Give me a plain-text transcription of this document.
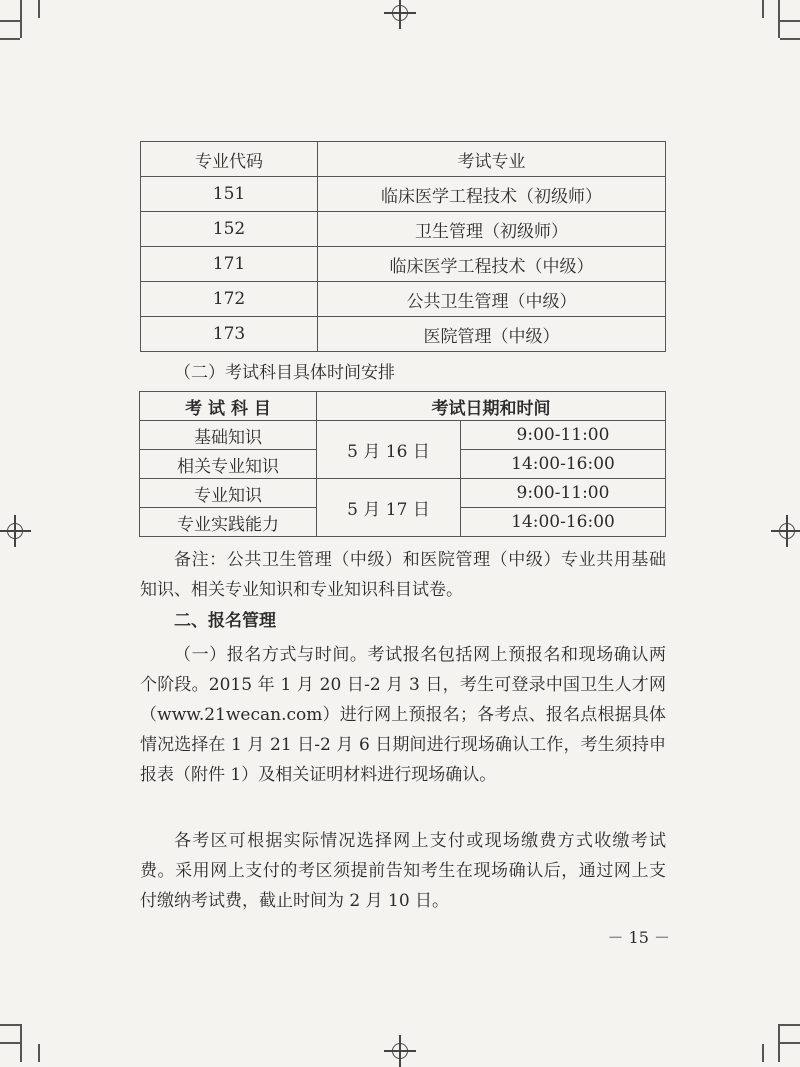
专业代码	考试专业
151	临床医学工程技术（初级师）
152	卫生管理（初级师）
171	临床医学工程技术（中级）
172	公共卫生管理（中级）
173	医院管理（中级）

（二）考试科目具体时间安排

考 试 科 目	考试日期和时间	
基础知识	5 月 16 日	9:00-11:00
相关专业知识		14:00-16:00
专业知识	5 月 17 日	9:00-11:00
专业实践能力		14:00-16:00

备注：公共卫生管理（中级）和医院管理（中级）专业共用基础知识、相关专业知识和专业知识科目试卷。

二、报名管理

（一）报名方式与时间。考试报名包括网上预报名和现场确认两个阶段。2015 年 1 月 20 日-2 月 3 日，考生可登录中国卫生人才网（www.21wecan.com）进行网上预报名；各考点、报名点根据具体情况选择在 1 月 21 日-2 月 6 日期间进行现场确认工作，考生须持申报表（附件 1）及相关证明材料进行现场确认。

各考区可根据实际情况选择网上支付或现场缴费方式收缴考试费。采用网上支付的考区须提前告知考生在现场确认后，通过网上支付缴纳考试费，截止时间为 2 月 10 日。

－ 15 －
